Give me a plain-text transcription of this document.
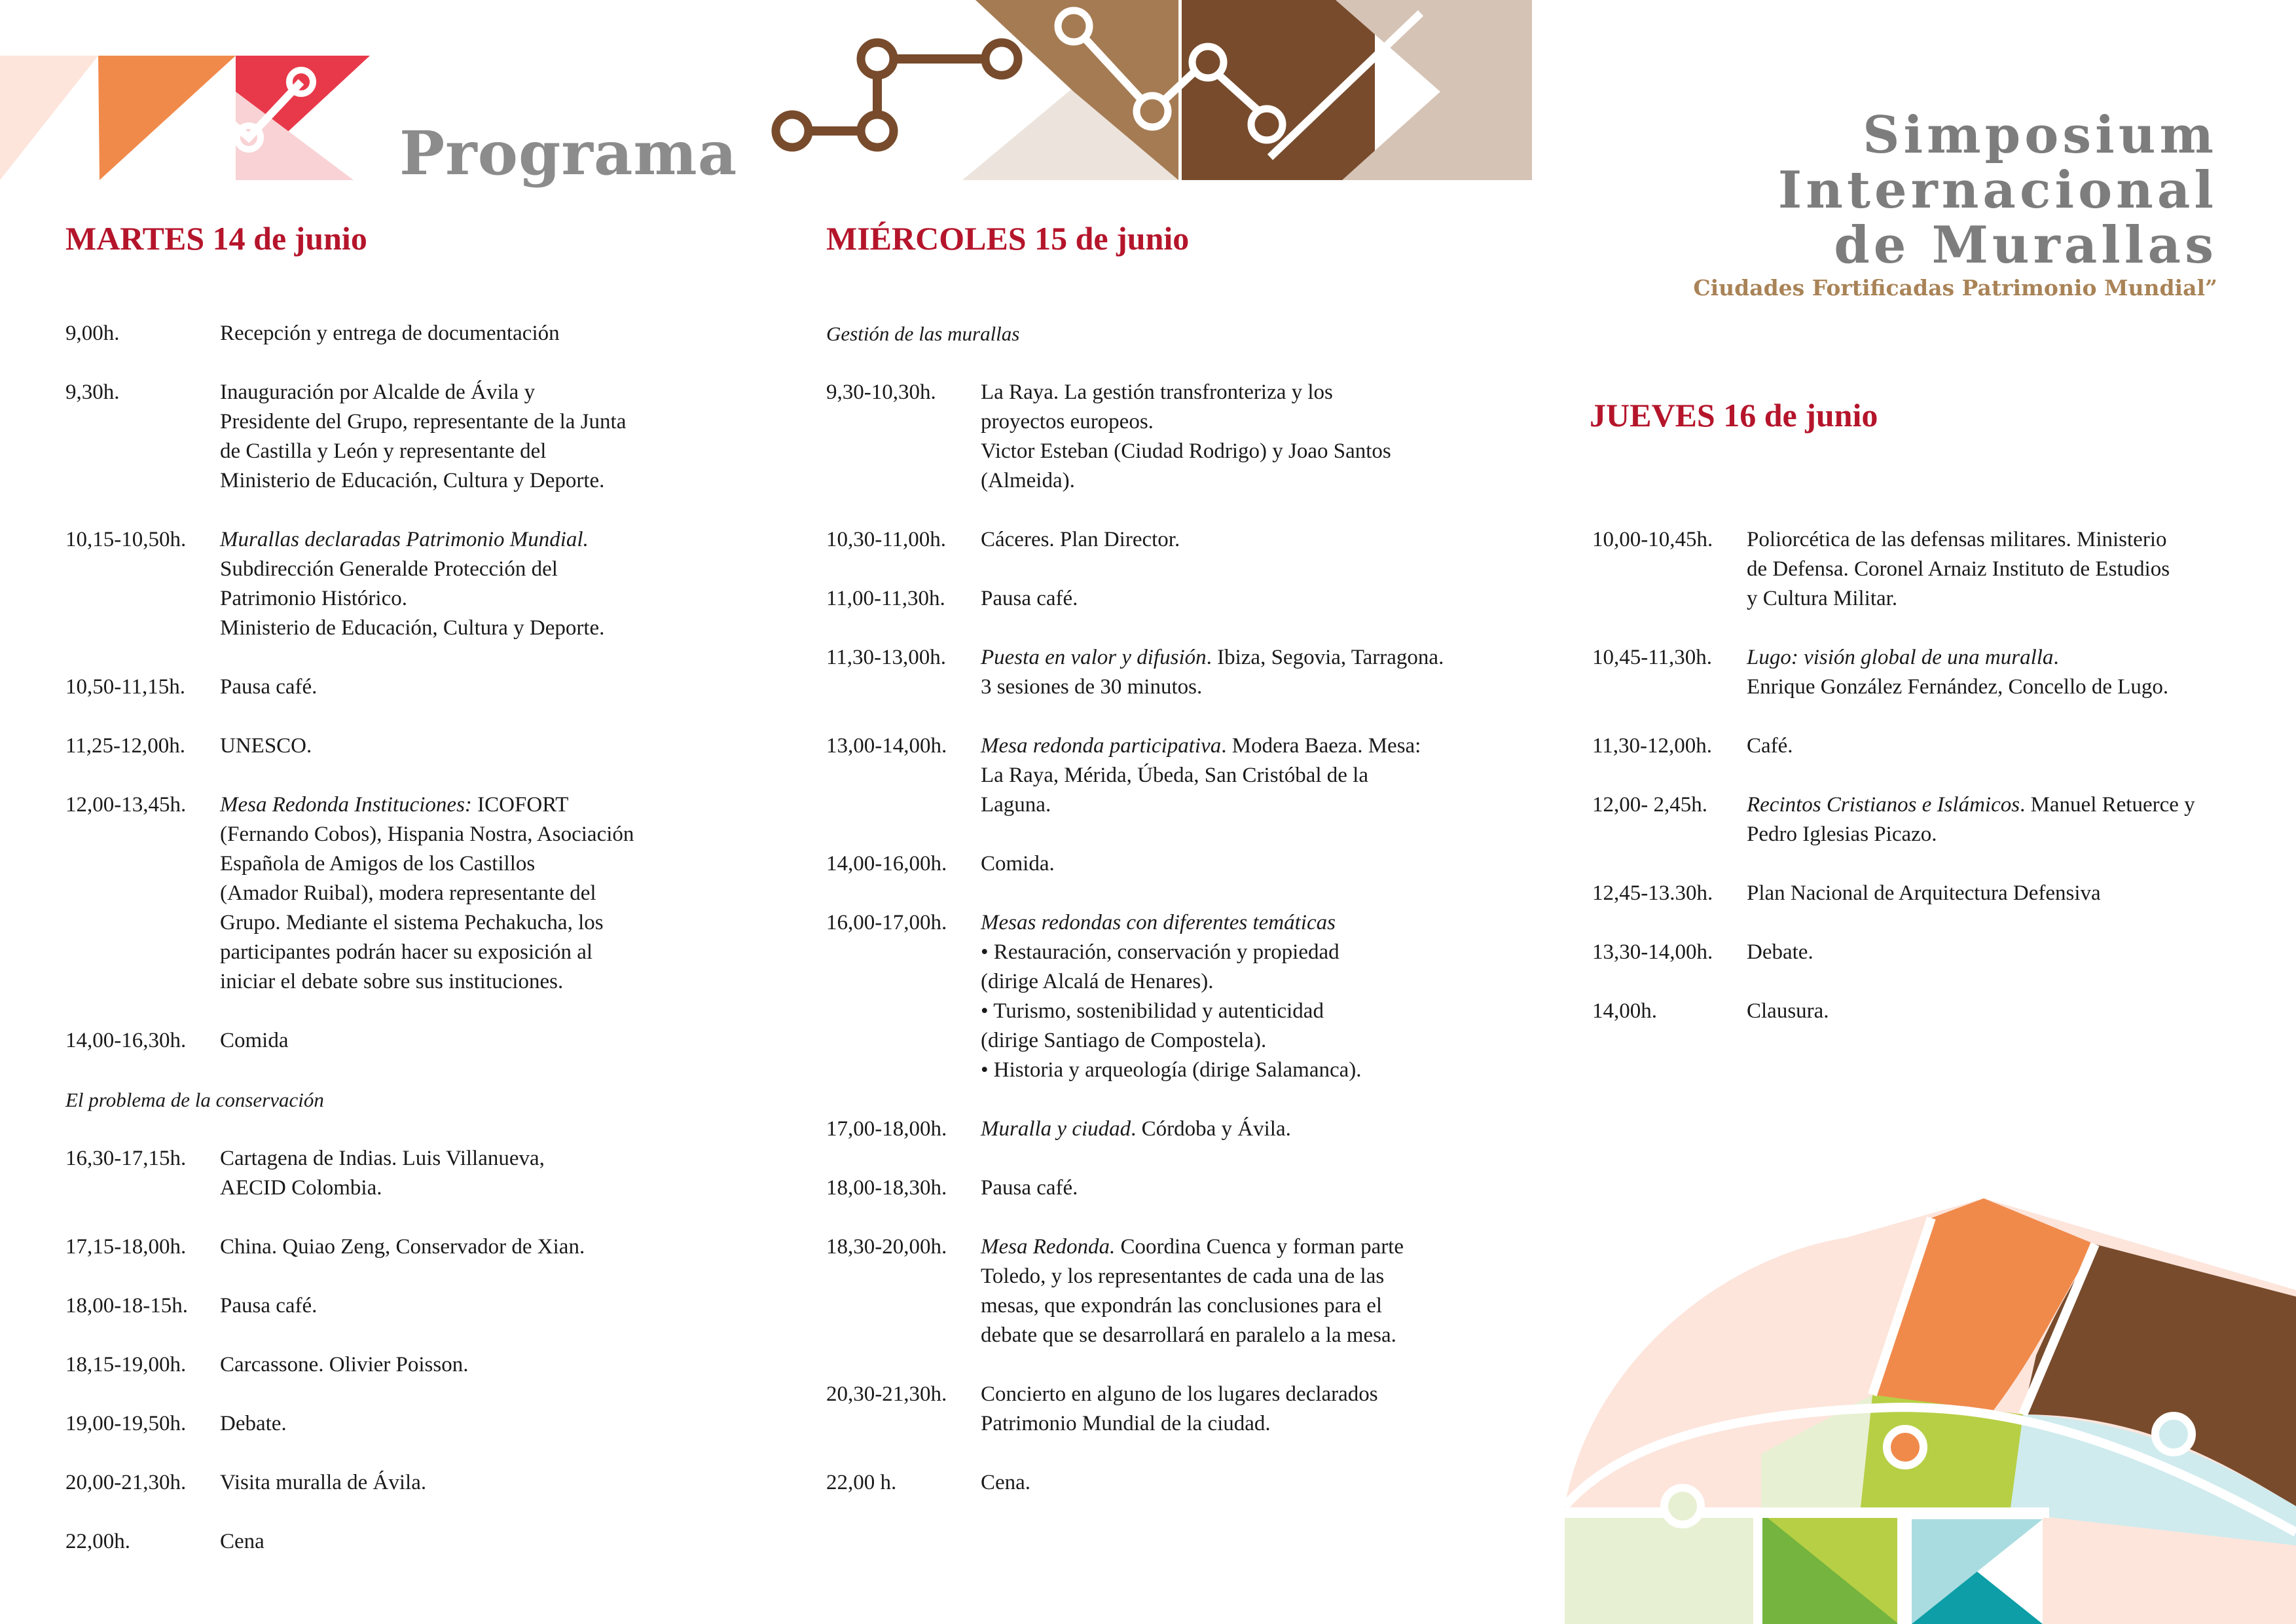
Programa	Simposium
Internacional
de Murallas
Ciudades Fortificadas Patrimonio Mundial”
MARTES 14 de junio	MIÉRCOLES 15 de junio
JUEVES 16 de junio
9,00h.	Recepción y entrega de documentación
9,30h.	Inauguración por Alcalde de Ávila y
Presidente del Grupo, representante de la Junta
de Castilla y León y representante del
Ministerio de Educación, Cultura y Deporte.
10,15-10,50h.	Murallas declaradas Patrimonio Mundial.
Subdirección Generalde Protección del
Patrimonio Histórico.
Ministerio de Educación, Cultura y Deporte.
10,50-11,15h.	Pausa café.
11,25-12,00h.	UNESCO.
12,00-13,45h.	Mesa Redonda Instituciones: ICOFORT
(Fernando Cobos), Hispania Nostra, Asociación
Española de Amigos de los Castillos
(Amador Ruibal), modera representante del
Grupo. Mediante el sistema Pechakucha, los
participantes podrán hacer su exposición al
iniciar el debate sobre sus instituciones.
14,00-16,30h.	Comida
El problema de la conservación
16,30-17,15h.	Cartagena de Indias. Luis Villanueva,
AECID Colombia.
17,15-18,00h.	China. Quiao Zeng, Conservador de Xian.
18,00-18-15h.	Pausa café.
18,15-19,00h.	Carcassone. Olivier Poisson.
19,00-19,50h.	Debate.
20,00-21,30h.	Visita muralla de Ávila.
22,00h.	Cena
Gestión de las murallas
9,30-10,30h.	La Raya. La gestión transfronteriza y los
proyectos europeos.
Victor Esteban (Ciudad Rodrigo) y Joao Santos
(Almeida).
10,30-11,00h.	Cáceres. Plan Director.
11,00-11,30h.	Pausa café.
11,30-13,00h.	Puesta en valor y difusión. Ibiza, Segovia, Tarragona.
3 sesiones de 30 minutos.
13,00-14,00h.	Mesa redonda participativa. Modera Baeza. Mesa:
La Raya, Mérida, Úbeda, San Cristóbal de la
Laguna.
14,00-16,00h.	Comida.
16,00-17,00h.	Mesas redondas con diferentes temáticas
• Restauración, conservación y propiedad
(dirige Alcalá de Henares).
• Turismo, sostenibilidad y autenticidad
(dirige Santiago de Compostela).
• Historia y arqueología (dirige Salamanca).
17,00-18,00h.	Muralla y ciudad. Córdoba y Ávila.
18,00-18,30h.	Pausa café.
18,30-20,00h.	Mesa Redonda. Coordina Cuenca y forman parte
Toledo, y los representantes de cada una de las
mesas, que expondrán las conclusiones para el
debate que se desarrollará en paralelo a la mesa.
20,30-21,30h.	Concierto en alguno de los lugares declarados
Patrimonio Mundial de la ciudad.
22,00 h.	Cena.
10,00-10,45h.	Poliorcética de las defensas militares. Ministerio
de Defensa. Coronel Arnaiz Instituto de Estudios
y Cultura Militar.
10,45-11,30h.	Lugo: visión global de una muralla.
Enrique González Fernández, Concello de Lugo.
11,30-12,00h.	Café.
12,00- 2,45h.	Recintos Cristianos e Islámicos. Manuel Retuerce y
Pedro Iglesias Picazo.
12,45-13.30h.	Plan Nacional de Arquitectura Defensiva
13,30-14,00h.	Debate.
14,00h.	Clausura.
